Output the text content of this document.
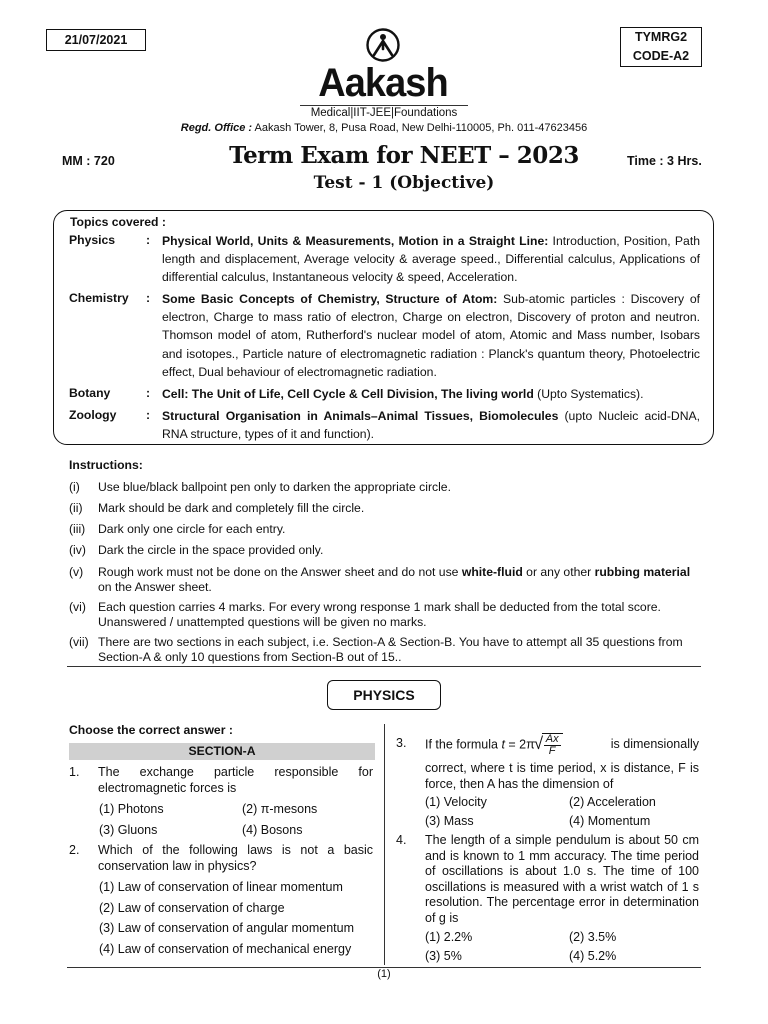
21/07/2021	TYMRG2
CODE-A2
Aakash
Medical|IIT-JEE|Foundations
Regd. Office : Aakash Tower, 8, Pusa Road, New Delhi-110005, Ph. 011-47623456
MM : 720	Term Exam for NEET – 2023
Test - 1 (Objective)
Time : 3 Hrs.
Topics covered :
Physics	: Physical World, Units & Measurements, Motion in a Straight Line: Introduction, Position, Path length and displacement, Average velocity & average speed., Differential calculus, Applications of differential calculus, Instantaneous velocity & speed, Acceleration.
Chemistry : Some Basic Concepts of Chemistry, Structure of Atom: Sub-atomic particles : Discovery of electron, Charge to mass ratio of electron, Charge on electron, Discovery of proton and neutron. Thomson model of atom, Rutherford's nuclear model of atom, Atomic and Mass number, Isobars and isotopes., Particle nature of electromagnetic radiation : Planck's quantum theory, Photoelectric effect, Dual behaviour of electromagnetic radiation.
Botany	: Cell: The Unit of Life, Cell Cycle & Cell Division, The living world (Upto Systematics).
Zoology : Structural Organisation in Animals–Animal Tissues, Biomolecules (upto Nucleic acid-DNA, RNA structure, types of it and function).
Instructions:
(i) Use blue/black ballpoint pen only to darken the appropriate circle.
(ii) Mark should be dark and completely fill the circle.
(iii) Dark only one circle for each entry.
(iv) Dark the circle in the space provided only.
(v) Rough work must not be done on the Answer sheet and do not use white-fluid or any other rubbing material on the Answer sheet.
(vi) Each question carries 4 marks. For every wrong response 1 mark shall be deducted from the total score. Unanswered / unattempted questions will be given no marks.
(vii) There are two sections in each subject, i.e. Section-A & Section-B. You have to attempt all 35 questions from Section-A & only 10 questions from Section-B out of 15..
PHYSICS
Choose the correct answer :
SECTION-A
1. The exchange particle responsible for electromagnetic forces is
(1) Photons	(2) π-mesons
(3) Gluons	(4) Bosons
2. Which of the following laws is not a basic conservation law in physics?
(1) Law of conservation of linear momentum
(2) Law of conservation of charge
(3) Law of conservation of angular momentum
(4) Law of conservation of mechanical energy
3. If the formula t = 2π
√ $\frac{Ax}{F}$	is dimensionally
correct, where t is time period, x is distance, F is force, then A has the dimension of
(1) Velocity	(2) Acceleration
(3) Mass	(4) Momentum
4. The length of a simple pendulum is about 50 cm and is known to 1 mm accuracy. The time period of oscillations is about 1.0 s. The time of 100 oscillations is measured with a wrist watch of 1 s resolution. The percentage error in determination of g is
(1) 2.2%	(2) 3.5%
(3) 5%	(4) 5.2%
(1)
